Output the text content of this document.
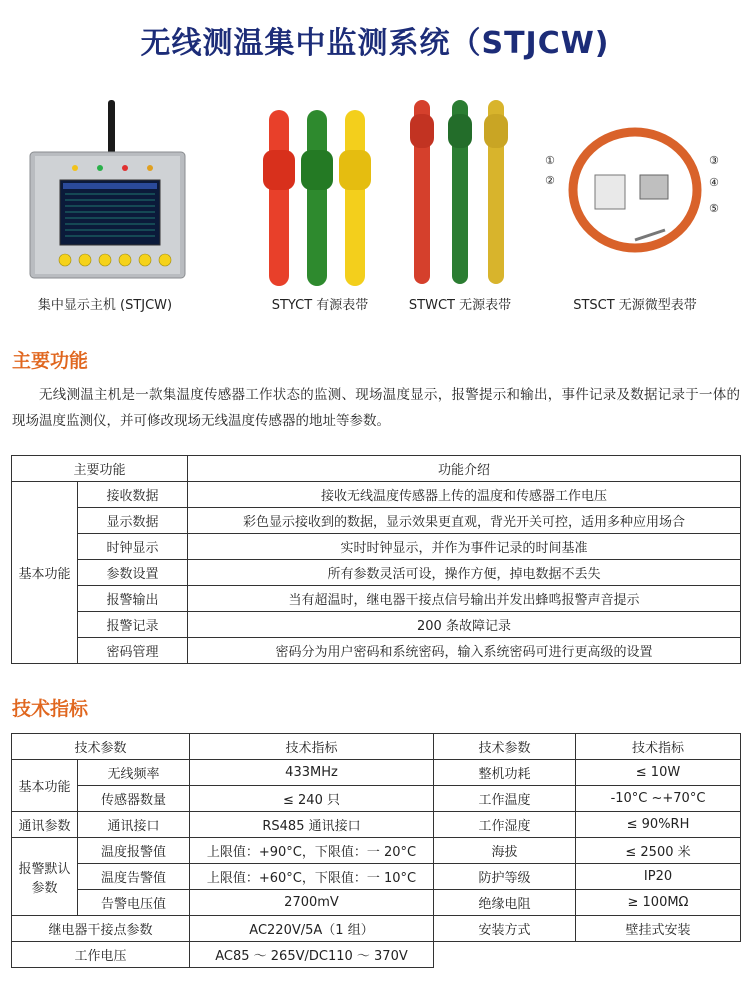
无线测温集中监测系统（STJCW)
集中显示主机 (STJCW)	STYCT 有源表带	STWCT 无源表带
①
②
③
④
⑤
STSCT 无源微型表带
主要功能
无线测温主机是一款集温度传感器工作状态的监测、现场温度显示，报警提示和输出，事件记录及数据记录于一体的现场温度监测仪，并可修改现场无线温度传感器的地址等参数。
主要功能		功能介绍
基本功能	接收数据	接收无线温度传感器上传的温度和传感器工作电压
	显示数据	彩色显示接收到的数据，显示效果更直观，背光开关可控，适用多种应用场合
	时钟显示	实时时钟显示，并作为事件记录的时间基准
	参数设置	所有参数灵活可设，操作方便，掉电数据不丢失
	报警输出	当有超温时，继电器干接点信号输出并发出蜂鸣报警声音提示
	报警记录	200 条故障记录
	密码管理	密码分为用户密码和系统密码，输入系统密码可进行更高级的设置
技术指标
技术参数		技术指标	技术参数	技术指标
基本功能	无线频率	433MHz	整机功耗	≤ 10W
	传感器数量	≤ 240 只	工作温度	-10°C ~+70°C
通讯参数	通讯接口	RS485 通讯接口	工作湿度	≤ 90%RH
报警默认参数	温度报警值	上限值：+90°C，下限值：一 20°C	海拔	≤ 2500 米
	温度告警值	上限值：+60°C，下限值：一 10°C	防护等级	IP20
	告警电压值	2700mV	绝缘电阻	≥ 100MΩ
继电器干接点参数		AC220V/5A（1 组）	安装方式	壁挂式安装
工作电压		AC85 ～ 265V/DC110 ～ 370V		
